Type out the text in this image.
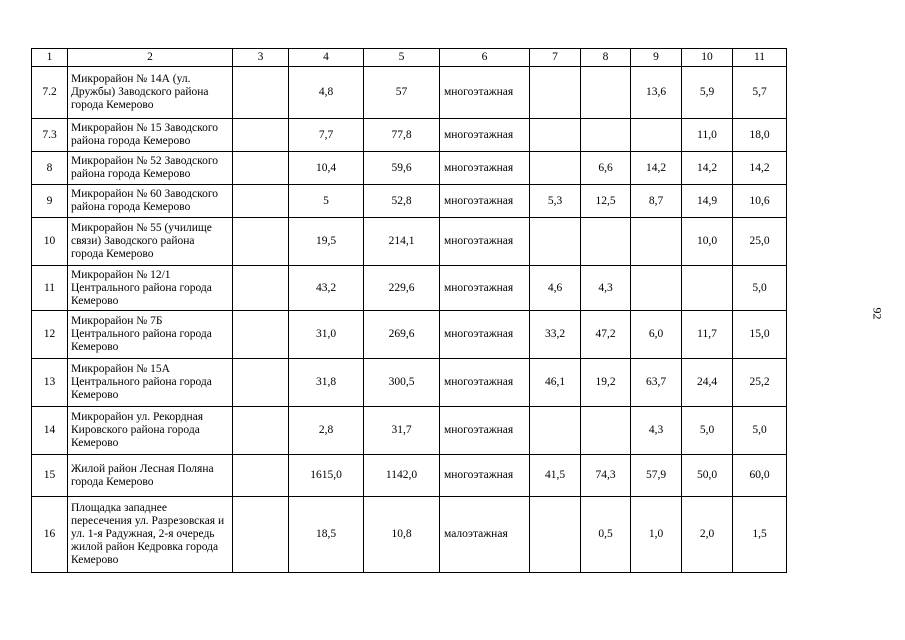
1	2	3	4	5	6	7	8	9	10	11
7.2	Микрорайон № 14А (ул. Дружбы) Заводского района города Кемерово		4,8	57	многоэтажная			13,6	5,9	5,7
7.3	Микрорайон № 15 Заводского района города Кемерово		7,7	77,8	многоэтажная				11,0	18,0
8	Микрорайон № 52 Заводского района города Кемерово		10,4	59,6	многоэтажная		6,6	14,2	14,2	14,2
9	Микрорайон № 60 Заводского района города Кемерово		5	52,8	многоэтажная	5,3	12,5	8,7	14,9	10,6
10	Микрорайон № 55 (училище связи) Заводского района города Кемерово		19,5	214,1	многоэтажная				10,0	25,0
11	Микрорайон № 12/1 Центрального района города Кемерово		43,2	229,6	многоэтажная	4,6	4,3			5,0
12	Микрорайон № 7Б Центрального района города Кемерово		31,0	269,6	многоэтажная	33,2	47,2	6,0	11,7	15,0
13	Микрорайон № 15А Центрального района города Кемерово		31,8	300,5	многоэтажная	46,1	19,2	63,7	24,4	25,2
14	Микрорайон ул. Рекордная Кировского района города Кемерово		2,8	31,7	многоэтажная			4,3	5,0	5,0
15	Жилой район Лесная Поляна города Кемерово		1615,0	1142,0	многоэтажная	41,5	74,3	57,9	50,0	60,0
16	Площадка западнее пересечения ул. Разрезовская и ул. 1-я Радужная, 2-я очередь жилой район Кедровка города Кемерово		18,5	10,8	малоэтажная		0,5	1,0	2,0	1,5
92
